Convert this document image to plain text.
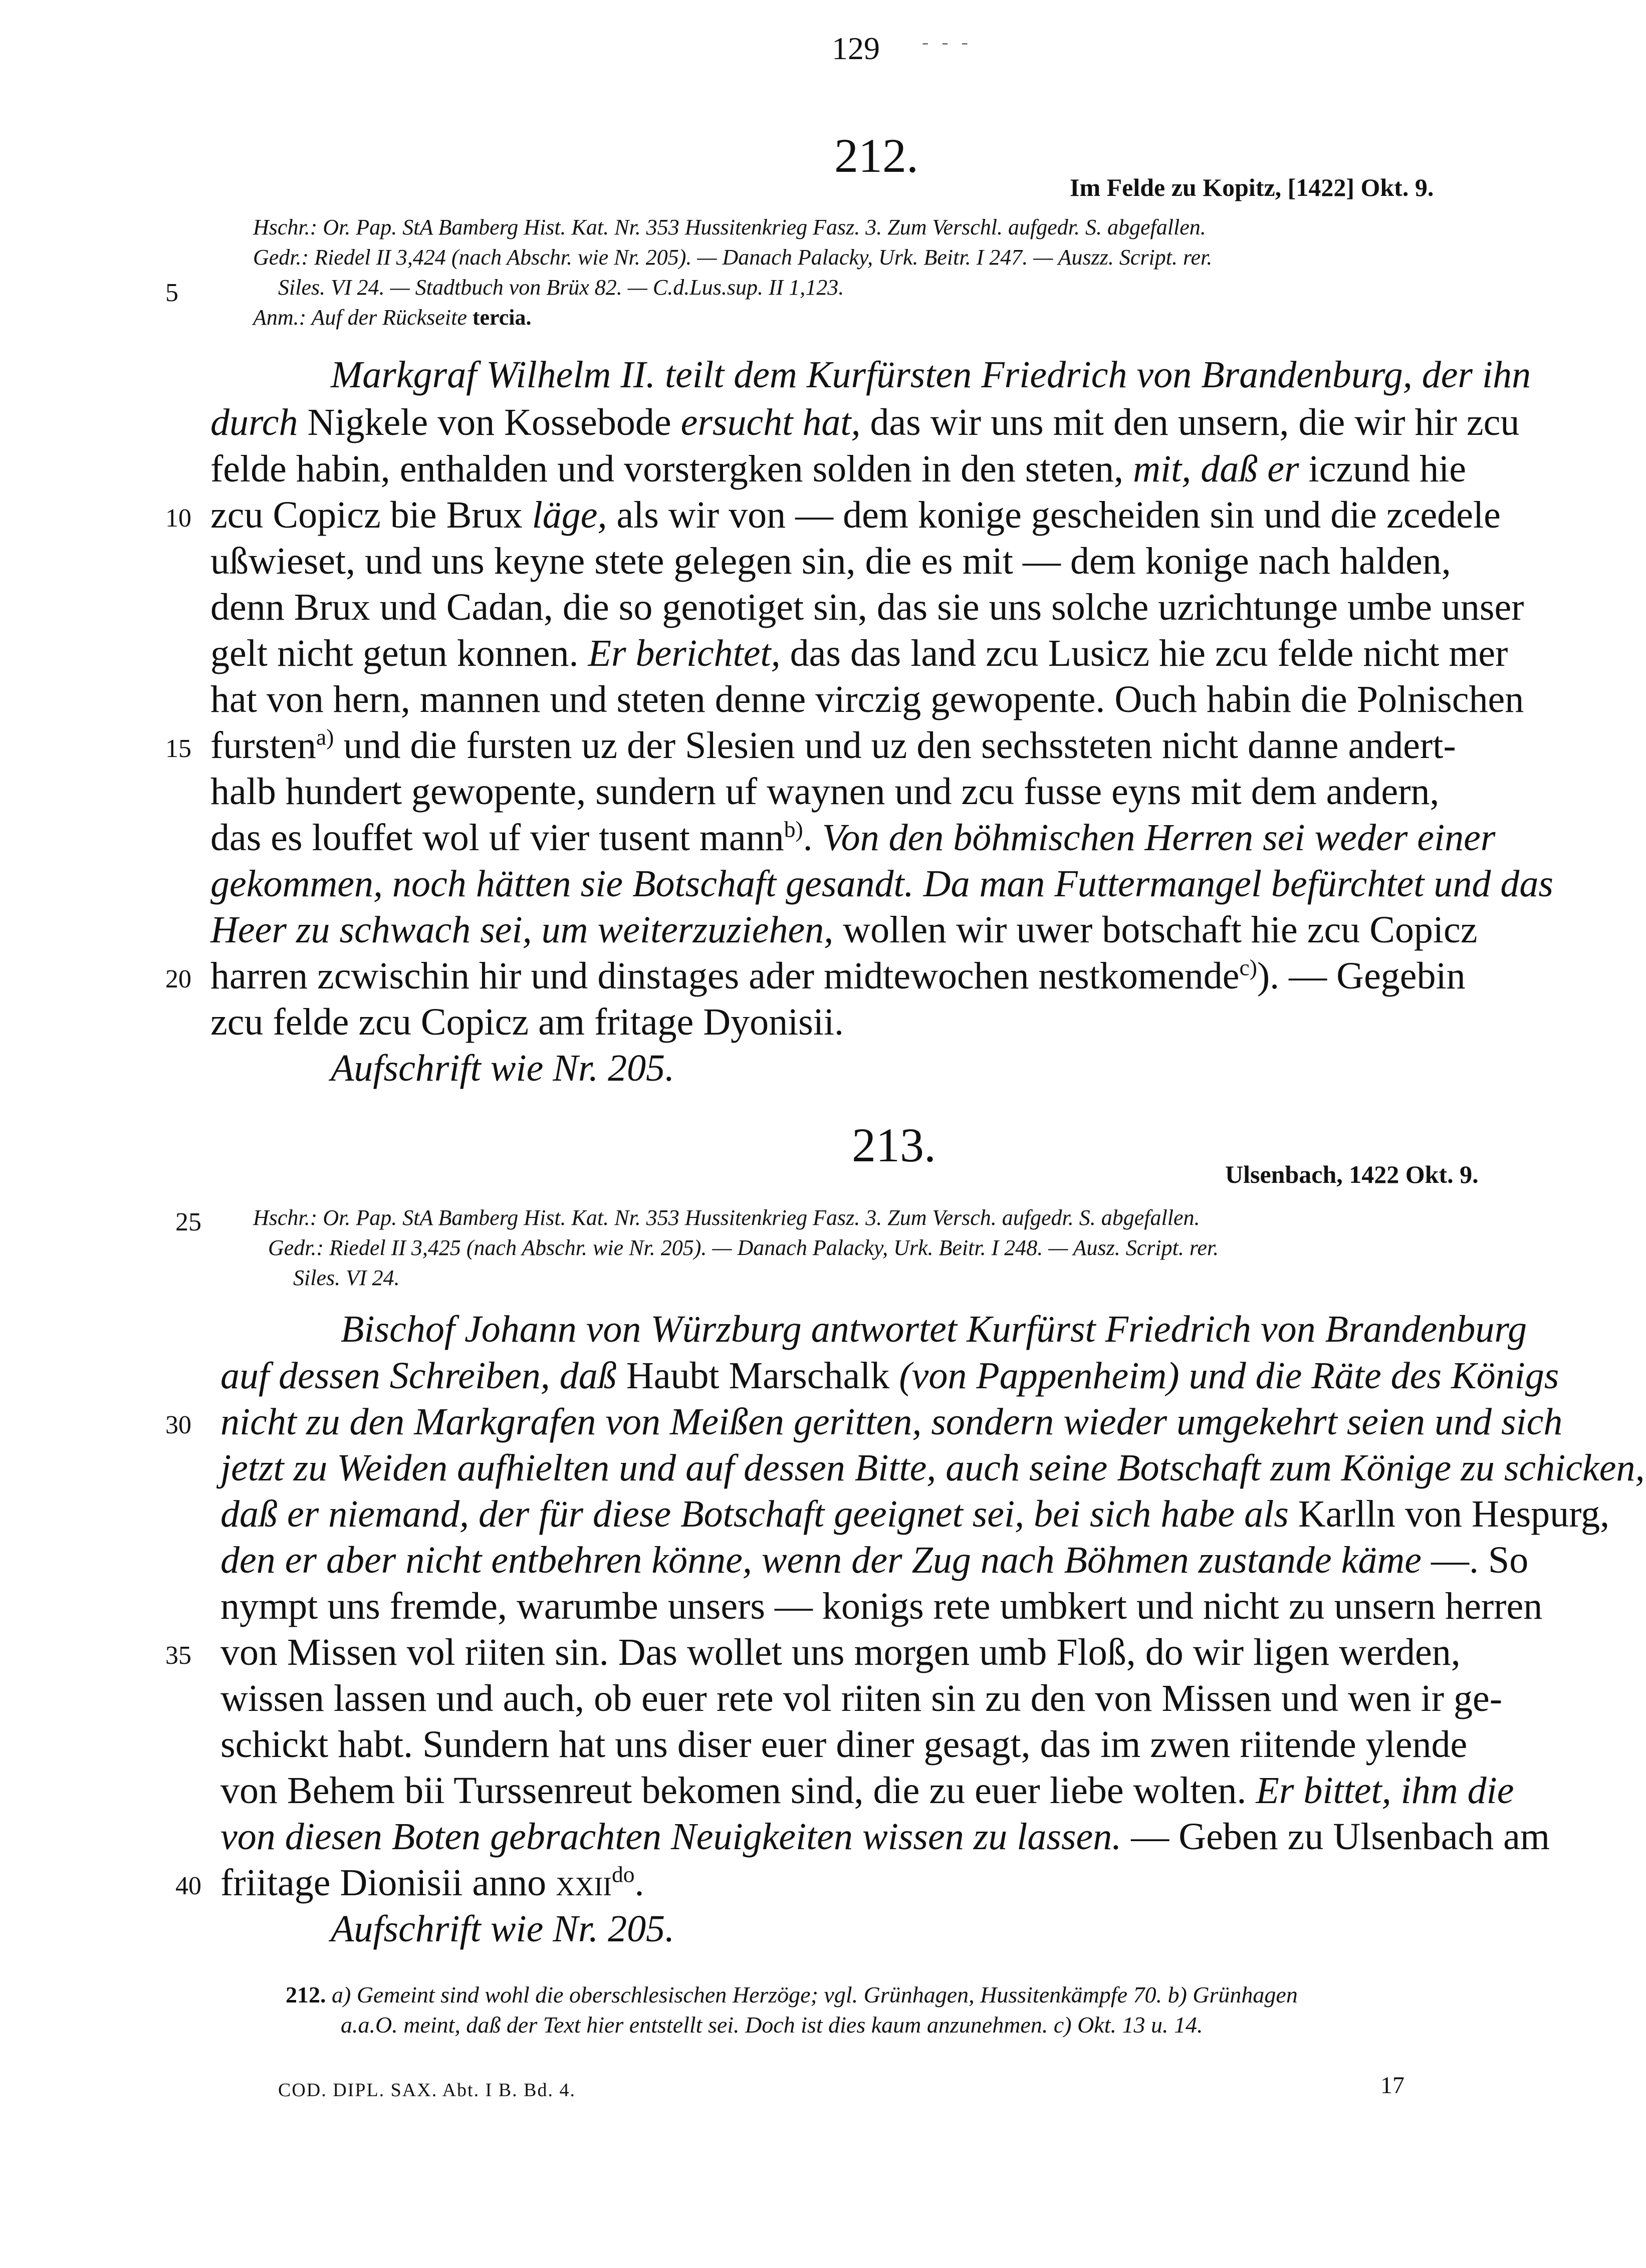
129 - - -
212.
Im Felde zu Kopitz, [1422] Okt. 9.
Hschr.: Or. Pap. StA Bamberg Hist. Kat. Nr. 353 Hussitenkrieg Fasz. 3. Zum Verschl. aufgedr. S. abgefallen.
Gedr.: Riedel II 3,424 (nach Abschr. wie Nr. 205). — Danach Palacky, Urk. Beitr. I 247. — Auszz. Script. rer.
Siles. VI 24. — Stadtbuch von Brüx 82. — C.d.Lus.sup. II 1,123.
Anm.: Auf der Rückseite tercia.
5
Markgraf Wilhelm II. teilt dem Kurfürsten Friedrich von Brandenburg, der ihn
durch Nigkele von Kossebode ersucht hat, das wir uns mit den unsern, die wir hir zcu
felde habin, enthalden und vorstergken solden in den steten, mit, daß er iczund hie
10 zcu Copicz bie Brux läge, als wir von — dem konige gescheiden sin und die zcedele
ußwieset, und uns keyne stete gelegen sin, die es mit — dem konige nach halden,
denn Brux und Cadan, die so genotiget sin, das sie uns solche uzrichtunge umbe unser
gelt nicht getun konnen. Er berichtet, das das land zcu Lusicz hie zcu felde nicht mer
hat von hern, mannen und steten denne virczig gewopente. Ouch habin die Polnischen
15 fursten$^{a)}$ und die fursten uz der Slesien und uz den sechssteten nicht danne andert-
halb hundert gewopente, sundern uf waynen und zcu fusse eyns mit dem andern,
das es louffet wol uf vier tusent mann$^{b)}$. Von den böhmischen Herren sei weder einer
gekommen, noch hätten sie Botschaft gesandt. Da man Futtermangel befürchtet und das
Heer zu schwach sei, um weiterzuziehen, wollen wir uwer botschaft hie zcu Copicz
20 harren zcwischin hir und dinstages ader midtewochen nestkomende$^{c)}$). — Gegebin
zcu felde zcu Copicz am fritage Dyonisii.
Aufschrift wie Nr. 205.
213.
Ulsenbach, 1422 Okt. 9.
25 Hschr.: Or. Pap. StA Bamberg Hist. Kat. Nr. 353 Hussitenkrieg Fasz. 3. Zum Versch. aufgedr. S. abgefallen.
Gedr.: Riedel II 3,425 (nach Abschr. wie Nr. 205). — Danach Palacky, Urk. Beitr. I 248. — Ausz. Script. rer.
Siles. VI 24.
Bischof Johann von Würzburg antwortet Kurfürst Friedrich von Brandenburg
auf dessen Schreiben, daß Haubt Marschalk (von Pappenheim) und die Räte des Königs
30 nicht zu den Markgrafen von Meißen geritten, sondern wieder umgekehrt seien und sich
jetzt zu Weiden aufhielten und auf dessen Bitte, auch seine Botschaft zum Könige zu schicken,
daß er niemand, der für diese Botschaft geeignet sei, bei sich habe als Karlln von Hespurg,
den er aber nicht entbehren könne, wenn der Zug nach Böhmen zustande käme —. So
nympt uns fremde, warumbe unsers — konigs rete umbkert und nicht zu unsern herren
35 von Missen vol riiten sin. Das wollet uns morgen umb Floß, do wir ligen werden,
wissen lassen und auch, ob euer rete vol riiten sin zu den von Missen und wen ir ge-
schickt habt. Sundern hat uns diser euer diner gesagt, das im zwen riitende ylende
von Behem bii Turssenreut bekomen sind, die zu euer liebe wolten. Er bittet, ihm die
von diesen Boten gebrachten Neuigkeiten wissen zu lassen. — Geben zu Ulsenbach am
40 friitage Dionisii anno xxii$^{do}$.
Aufschrift wie Nr. 205.
212. a) Gemeint sind wohl die oberschlesischen Herzöge; vgl. Grünhagen, Hussitenkämpfe 70. b) Grünhagen
a.a.O. meint, daß der Text hier entstellt sei. Doch ist dies kaum anzunehmen. c) Okt. 13 u. 14.
COD. DIPL. SAX. Abt. I B. Bd. 4.	17
